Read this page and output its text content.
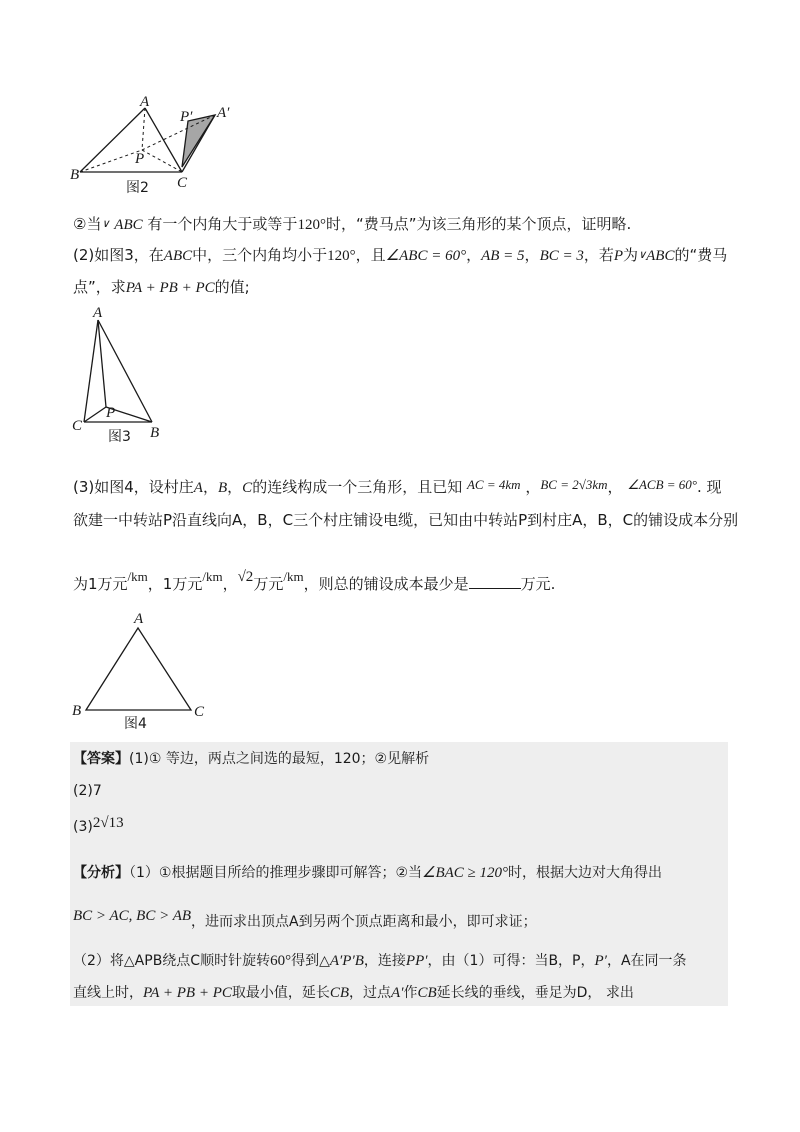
A
A′
P′
P
B	C
图2
②当∨ ABC 有一个内角大于或等于120°时，“费马点”为该三角形的某个顶点，证明略.
(2)如图3，在ABC中，三个内角均小于120°，且∠ABC = 60°，AB = 5，BC = 3，若P为∨ABC的“费马
点”，求PA + PB + PC的值;
A
P
C	B
图3
(3)如图4，设村庄A，B，C的连线构成一个三角形，且已知 AC = 4km ，BC = 2√3km， ∠ACB = 60°. 现
欲建一中转站P沿直线向A，B，C三个村庄铺设电缆，已知由中转站P到村庄A，B，C的铺设成本分别
为1万元/km，1万元/km，√2万元/km，则总的铺设成本最少是	万元.
A
B	C
图4
【答案】(1)① 等边，两点之间选的最短，120；②见解析
(2)7
(3)2√13
【分析】（1）①根据题目所给的推理步骤即可解答；②当∠BAC ≥ 120°时，根据大边对大角得出
BC > AC, BC > AB，进而求出顶点A到另两个顶点距离和最小，即可求证；
（2）将△APB绕点C顺时针旋转60°得到△A′P′B，连接PP′，由（1）可得：当B，P，P′，A在同一条
直线上时，PA + PB + PC取最小值，延长CB，过点A′作CB延长线的垂线，垂足为D， 求出
